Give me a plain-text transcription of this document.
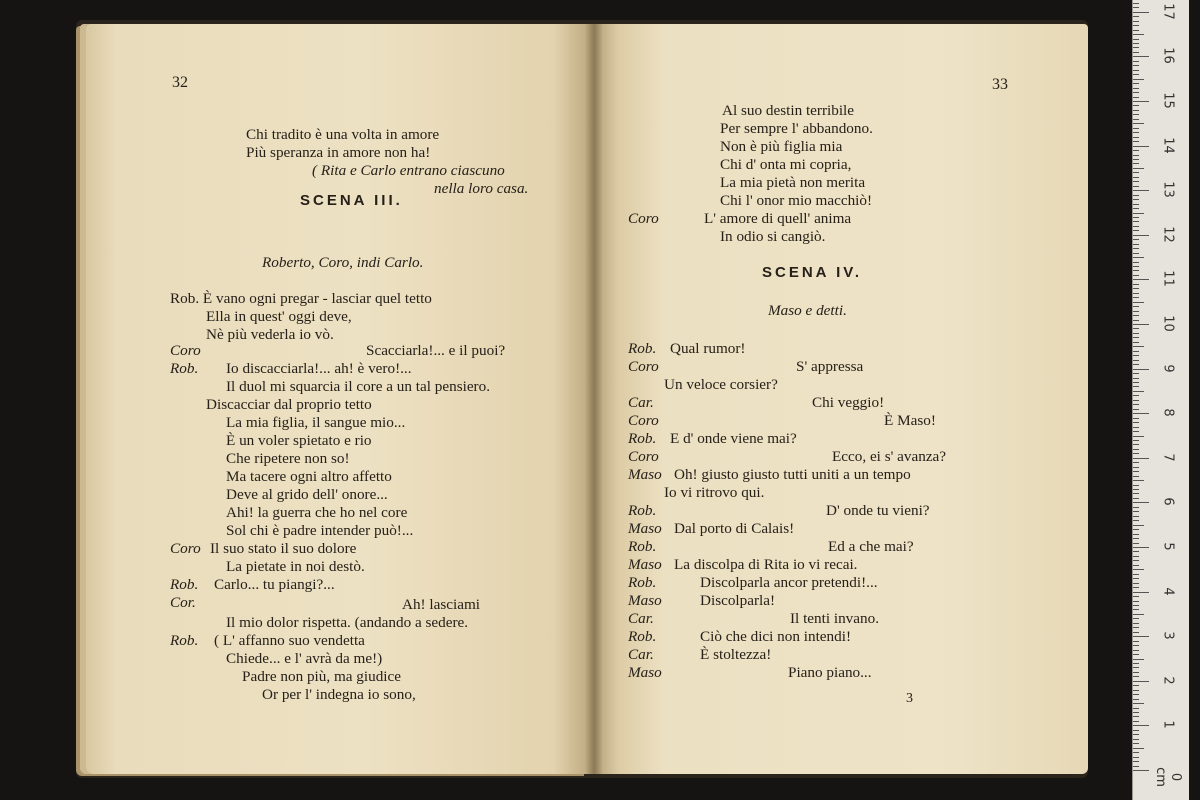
32
SCENA III.
Chi tradito è una volta in amore
Più speranza in amore non ha!
( Rita e Carlo entrano ciascuno
nella loro casa.
Roberto, Coro, indi Carlo.
Rob. È vano ogni pregar - lasciar quel tetto
Ella in quest' oggi deve,
Nè più vederla io vò.
Coro	Scacciarla!... e il puoi?
Rob. Io discacciarla!... ah! è vero!...
Il duol mi squarcia il core a un tal pensiero.
Discacciar dal proprio tetto
La mia figlia, il sangue mio...
È un voler spietato e rio
Che ripetere non so!
Ma tacere ogni altro affetto
Deve al grido dell' onore...
Ahi! la guerra che ho nel core
Sol chi è padre intender può!...
Coro Il suo stato il suo dolore
La pietate in noi destò.
Rob. Carlo... tu piangi?...
Cor.	Ah! lasciami
Il mio dolor rispetta. (andando a sedere.
Rob. ( L' affanno suo vendetta
Chiede... e l' avrà da me!)
Padre non più, ma giudice
Or per l' indegna io sono,
33
SCENA IV.
3
Al suo destin terribile
Per sempre l' abbandono.
Non è più figlia mia
Chi d' onta mi copria,
La mia pietà non merita
Chi l' onor mio macchiò!
Coro	L' amore di quell' anima
In odio si cangiò.
Maso e detti.
Rob. Qual rumor!
Coro	S' appressa
Un veloce corsier?
Car.	Chi veggio!
Coro	È Maso!
Rob. E d' onde viene mai?
Coro	Ecco, ei s' avanza?
Maso Oh! giusto giusto tutti uniti a un tempo
Io vi ritrovo qui.
Rob.	D' onde tu vieni?
Maso Dal porto di Calais!
Rob.	Ed a che mai?
Maso La discolpa di Rita io vi recai.
Rob.	Discolparla ancor pretendi!...
Maso	Discolparla!
Car.	Il tenti invano.
Rob.	Ciò che dici non intendi!
Car.	È stoltezza!
Maso	Piano piano...
0 cm
1
2
3
4
5
6
7
8
9
10
11
12
13
14
15
16
17
